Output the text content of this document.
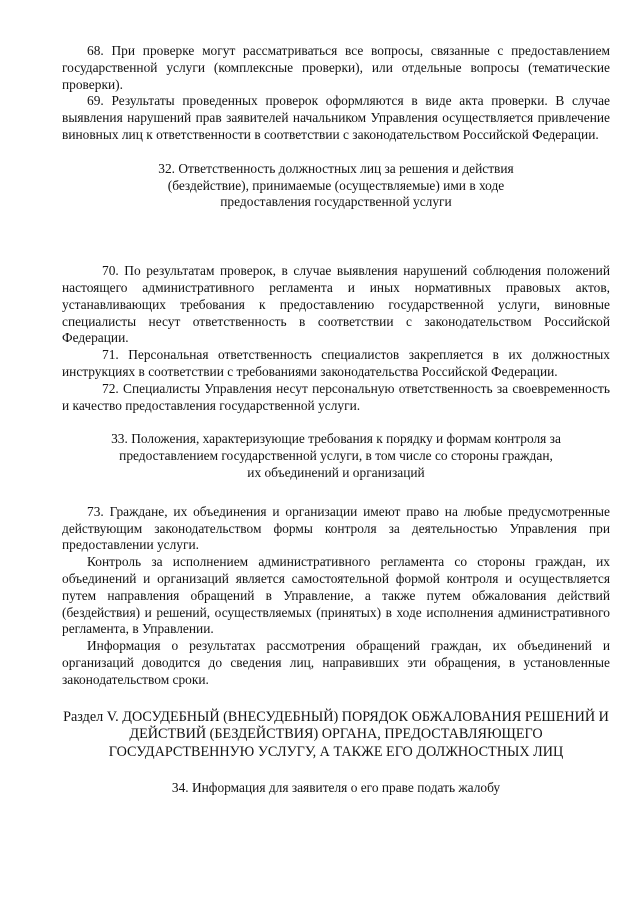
68. При проверке могут рассматриваться все вопросы, связанные с предоставлением государственной услуги (комплексные проверки), или отдельные вопросы (тематические проверки).

69. Результаты проведенных проверок оформляются в виде акта проверки. В случае выявления нарушений прав заявителей начальником Управления осуществляется привлечение виновных лиц к ответственности в соответствии с законодательством Российской Федерации.

32. Ответственность должностных лиц за решения и действия (бездействие), принимаемые (осуществляемые) ими в ходе предоставления государственной услуги

70. По результатам проверок, в случае выявления нарушений соблюдения положений настоящего административного регламента и иных нормативных правовых актов, устанавливающих требования к предоставлению государственной услуги, виновные специалисты несут ответственность в соответствии с законодательством Российской Федерации.

71. Персональная ответственность специалистов закрепляется в их должностных инструкциях в соответствии с требованиями законодательства Российской Федерации.

72. Специалисты Управления несут персональную ответственность за своевременность и качество предоставления государственной услуги.

33. Положения, характеризующие требования к порядку и формам контроля за предоставлением государственной услуги, в том числе со стороны граждан, их объединений и организаций

73. Граждане, их объединения и организации имеют право на любые предусмотренные действующим законодательством формы контроля за деятельностью Управления при предоставлении услуги.

Контроль за исполнением административного регламента со стороны граждан, их объединений и организаций является самостоятельной формой контроля и осуществляется путем направления обращений в Управление, а также путем обжалования действий (бездействия) и решений, осуществляемых (принятых) в ходе исполнения административного регламента, в Управлении.

Информация о результатах рассмотрения обращений граждан, их объединений и организаций доводится до сведения лиц, направивших эти обращения, в установленные законодательством сроки.

Раздел V. ДОСУДЕБНЫЙ (ВНЕСУДЕБНЫЙ) ПОРЯДОК ОБЖАЛОВАНИЯ РЕШЕНИЙ И ДЕЙСТВИЙ (БЕЗДЕЙСТВИЯ) ОРГАНА, ПРЕДОСТАВЛЯЮЩЕГО ГОСУДАРСТВЕННУЮ УСЛУГУ, А ТАКЖЕ ЕГО ДОЛЖНОСТНЫХ ЛИЦ

34. Информация для заявителя о его праве подать жалобу
